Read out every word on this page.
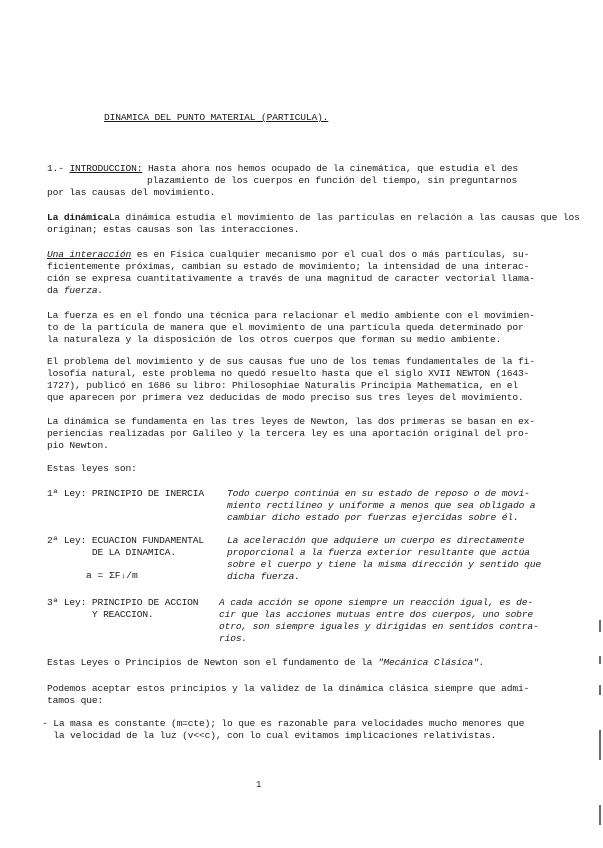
DINAMICA DEL PUNTO MATERIAL (PARTICULA).
1.- INTRODUCCION: Hasta ahora nos hemos ocupado de la cinemática, que estudia el des
plazamiento de los cuerpos en función del tiempo, sin preguntarnos
por las causas del movimiento.
La dinámicaLa dinámica estudia el movimiento de las partículas en relación a las causas que los
originan; estas causas son las interacciones.
Una interacción es en Física cualquier mecanismo por el cual dos o más partículas, su-
ficientemente próximas, cambian su estado de movimiento; la intensidad de una interac-
ción se expresa cuantitativamente a través de una magnitud de caracter vectorial llama-
da fuerza.
La fuerza es en el fondo una técnica para relacionar el medio ambiente con el movimien-
to de la partícula de manera que el movimiento de una partícula queda determinado por
la naturaleza y la disposición de los otros cuerpos que forman su medio ambiente.
El problema del movimiento y de sus causas fue uno de los temas fundamentales de la fi-
losofía natural, este problema no quedó resuelto hasta que el siglo XVII NEWTON (1643-
1727), publicó en 1686 su libro: Philosophiae Naturalis Principia Mathematica, en el
que aparecen por primera vez deducidas de modo preciso sus tres leyes del movimiento.
La dinámica se fundamenta en las tres leyes de Newton, las dos primeras se basan en ex-
periencias realizadas por Galileo y la tercera ley es una aportación original del pro-
pio Newton.
Estas leyes son:
1ª Ley: PRINCIPIO DE INERCIA Todo cuerpo continúa en su estado de reposo o de movi-
miento rectilíneo y uniforme a menos que sea obligado a
cambiar dicho estado por fuerzas ejercidas sobre él.
2ª Ley: ECUACION FUNDAMENTAL
DE LA DINAMICA.
a = ΣFᵢ/m
La aceleración que adquiere un cuerpo es directamente
proporcional a la fuerza exterior resultante que actúa
sobre el cuerpo y tiene la misma dirección y sentido que
dicha fuerza.
3ª Ley: PRINCIPIO DE ACCION
Y REACCION.
A cada acción se opone siempre un reacción igual, es de-
cir que las acciones mutuas entre dos cuerpos, uno sobre
otro, son siempre iguales y dirigidas en sentidos contra-
rios.
Estas Leyes o Principios de Newton son el fundamento de la "Mecánica Clásica".
Podemos aceptar estos principios y la validez de la dinámica clásica siempre que admi-
tamos que:
- La masa es constante (m=cte); lo que es razonable para velocidades mucho menores que
la velocidad de la luz (v<<c), con lo cual evitamos implicaciones relativistas.
1
